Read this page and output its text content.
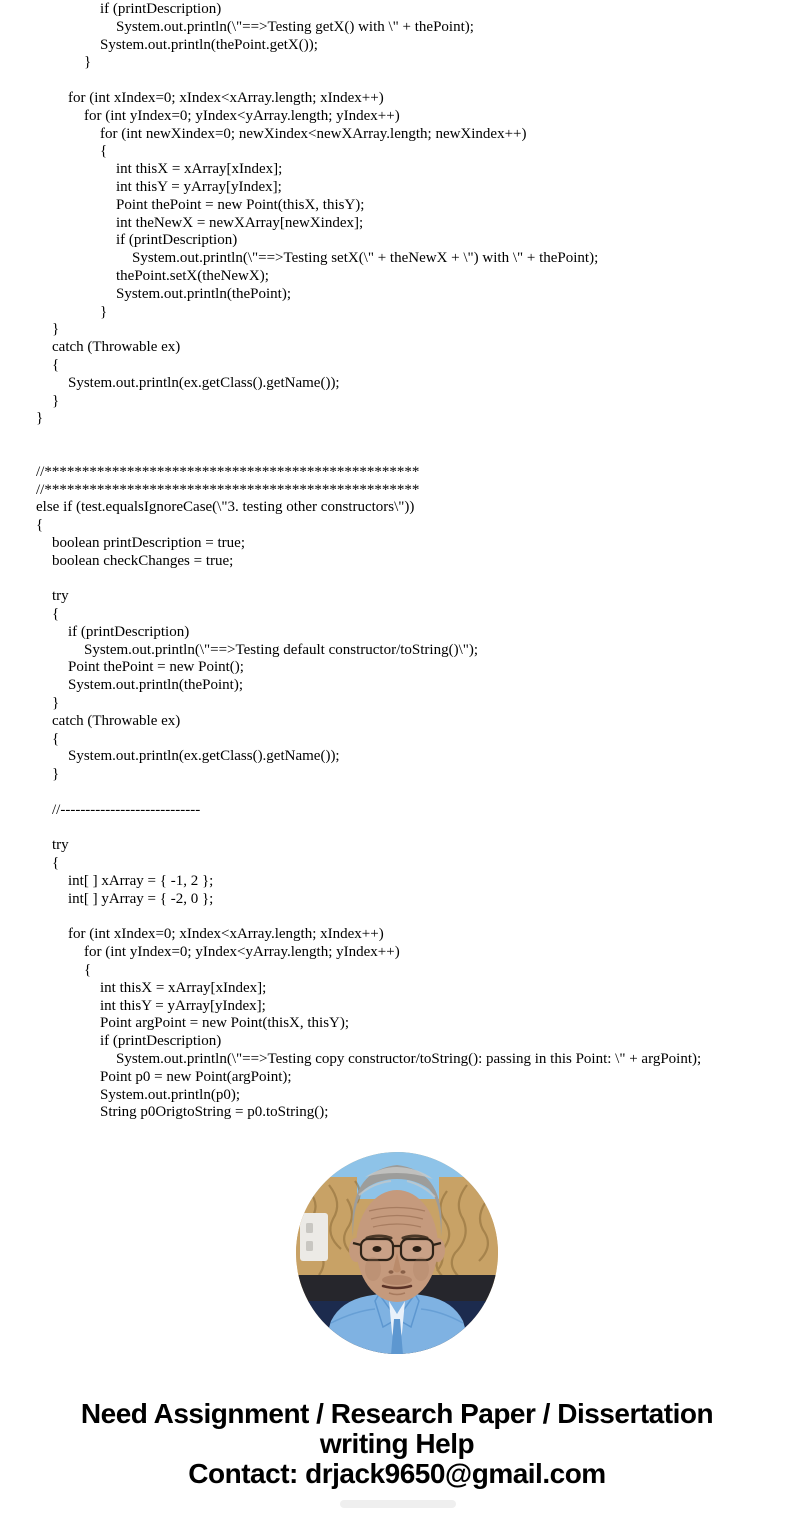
if (printDescription)
System.out.println(\"==>Testing getX() with \" + thePoint);
System.out.println(thePoint.getX());
}
for (int xIndex=0; xIndex<xArray.length; xIndex++)
for (int yIndex=0; yIndex<yArray.length; yIndex++)
for (int newXindex=0; newXindex<newXArray.length; newXindex++)
{
int thisX = xArray[xIndex];
int thisY = yArray[yIndex];
Point thePoint = new Point(thisX, thisY);
int theNewX = newXArray[newXindex];
if (printDescription)
System.out.println(\"==>Testing setX(\" + theNewX + \") with \" + thePoint);
thePoint.setX(theNewX);
System.out.println(thePoint);
}
}
catch (Throwable ex)
{
System.out.println(ex.getClass().getName());
}
}
//**************************************************
//**************************************************
else if (test.equalsIgnoreCase(\"3. testing other constructors\"))
{
boolean printDescription = true;
boolean checkChanges = true;
try
{
if (printDescription)
System.out.println(\"==>Testing default constructor/toString()\");
Point thePoint = new Point();
System.out.println(thePoint);
}
catch (Throwable ex)
{
System.out.println(ex.getClass().getName());
}
//----------------------------
try
{
int[ ] xArray = { -1, 2 };
int[ ] yArray = { -2, 0 };
for (int xIndex=0; xIndex<xArray.length; xIndex++)
for (int yIndex=0; yIndex<yArray.length; yIndex++)
{
int thisX = xArray[xIndex];
int thisY = yArray[yIndex];
Point argPoint = new Point(thisX, thisY);
if (printDescription)
System.out.println(\"==>Testing copy constructor/toString(): passing in this Point: \" + argPoint);
Point p0 = new Point(argPoint);
System.out.println(p0);
String p0OrigtoString = p0.toString();
Need Assignment / Research Paper / Dissertation
writing Help
Contact: drjack9650@gmail.com
